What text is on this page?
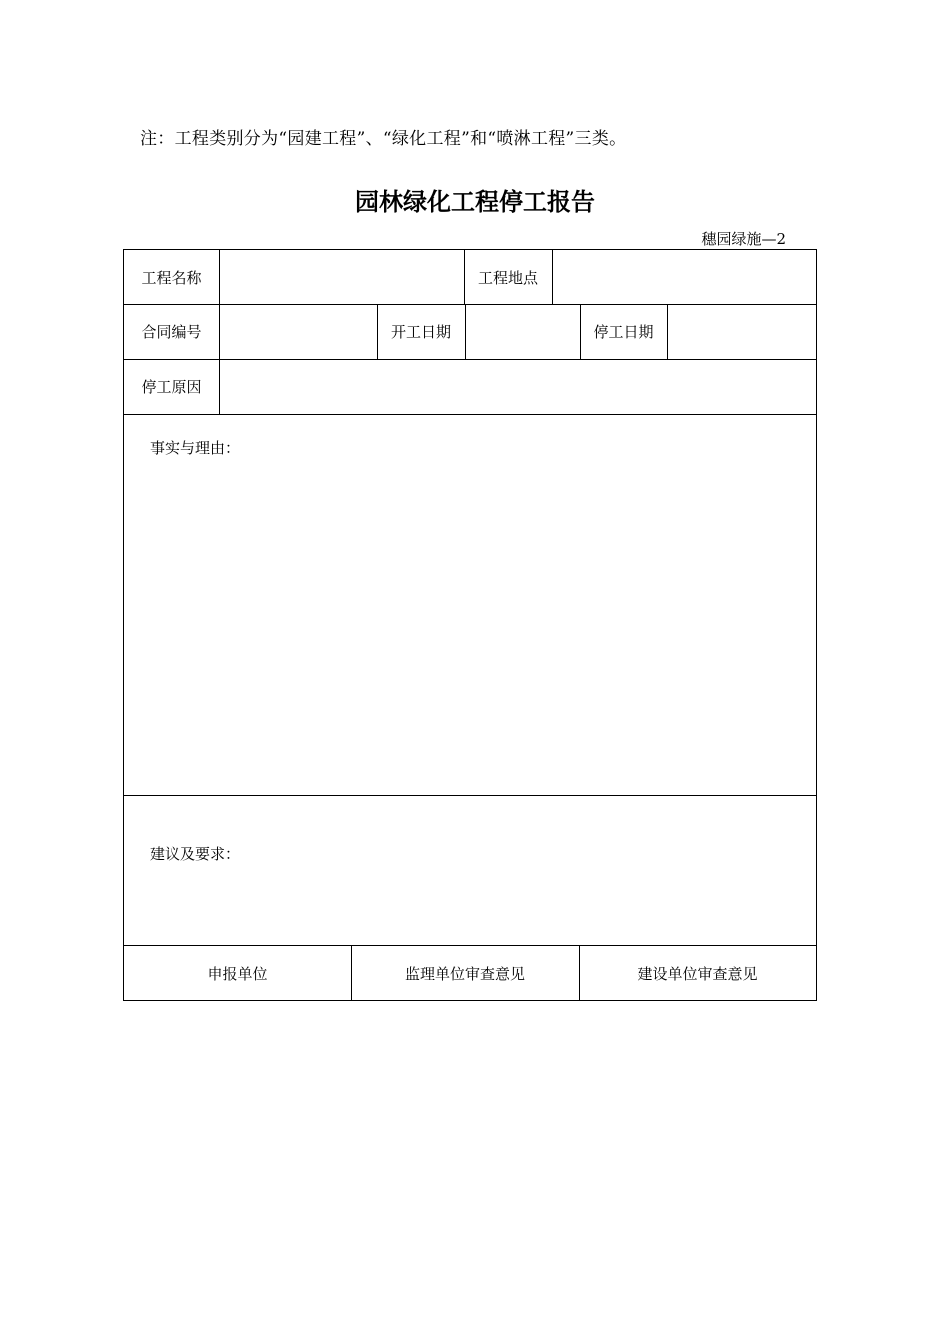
注：工程类别分为“园建工程”、“绿化工程”和“喷淋工程”三类。
园林绿化工程停工报告
穗园绿施—2
工程名称	工程地点
合同编号	开工日期	停工日期
停工原因
事实与理由：
建议及要求：
申报单位	监理单位审查意见	建设单位审查意见
